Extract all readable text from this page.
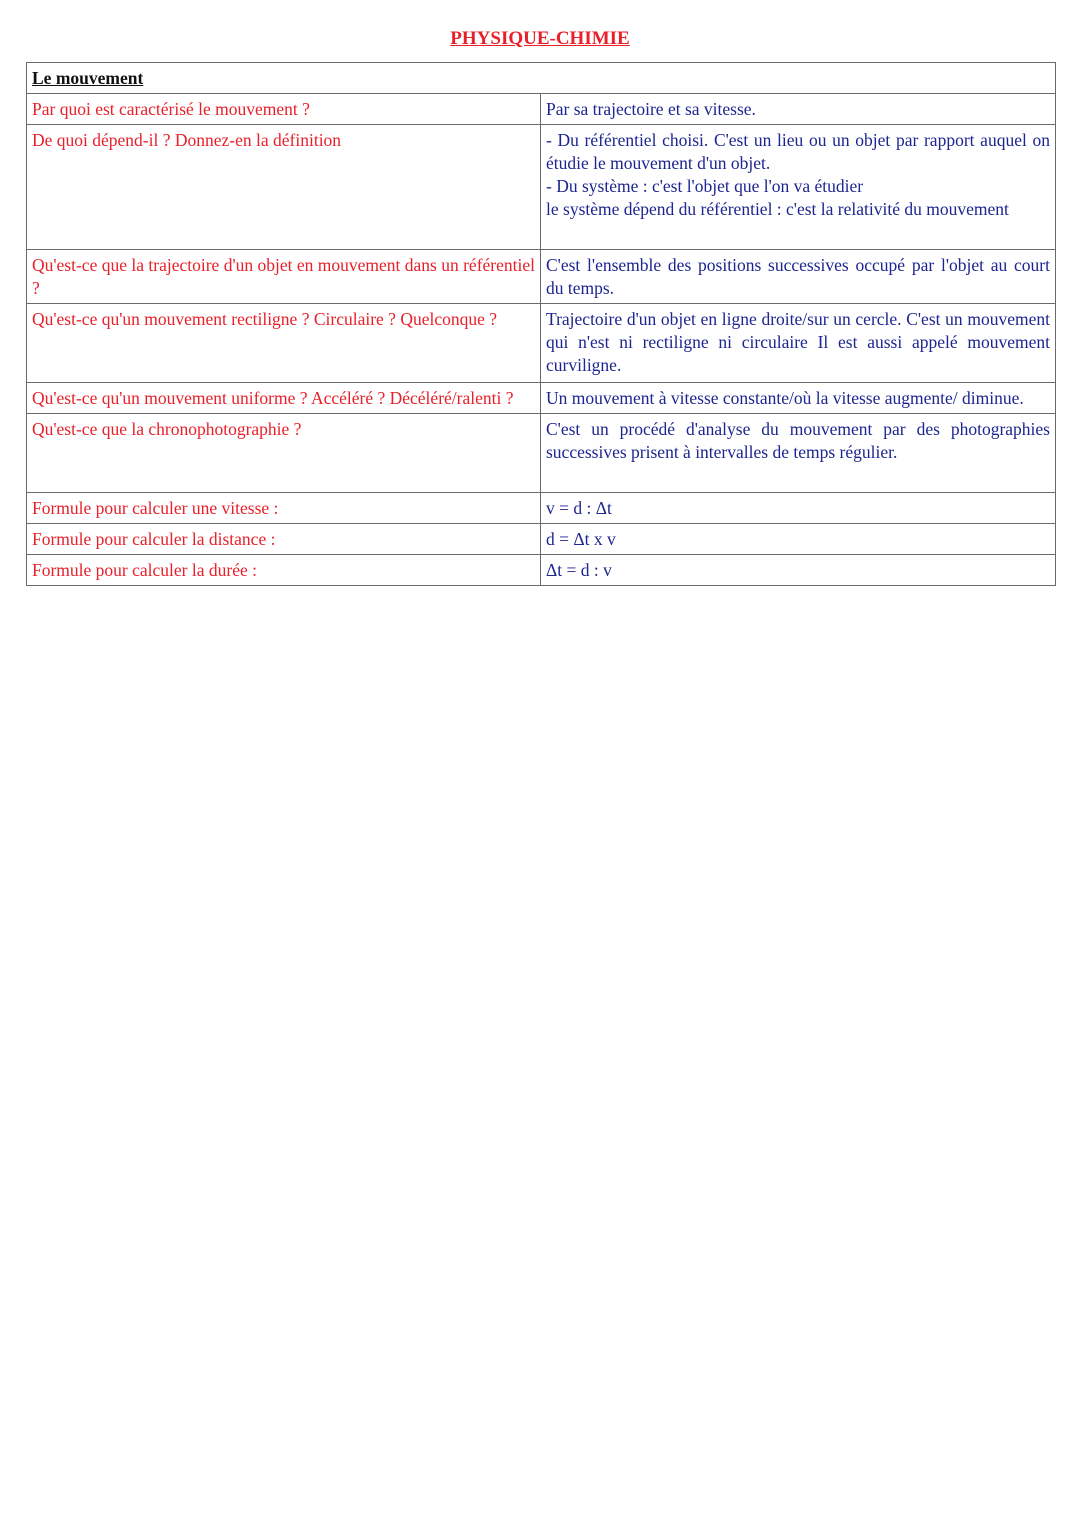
PHYSIQUE-CHIMIE
Le mouvement	
Par quoi est caractérisé le mouvement ?	Par sa trajectoire et sa vitesse.

De quoi dépend-il ? Donnez-en la définition	- Du référentiel choisi. C'est un lieu ou un objet par rapport auquel on étudie le mouvement d'un objet.
- Du système : c'est l'objet que l'on va étudier
le système dépend du référentiel : c'est la relativité du mouvement

Qu'est-ce que la trajectoire d'un objet en mouvement dans un référentiel ?	C'est l'ensemble des positions successives occupé par l'objet au court du temps.

Qu'est-ce qu'un mouvement rectiligne ? Circulaire ? Quelconque ?	Trajectoire d'un objet en ligne droite/sur un cercle. C'est un mouvement qui n'est ni rectiligne ni circulaire Il est aussi appelé mouvement curviligne.

Qu'est-ce qu'un mouvement uniforme ? Accéléré ? Décéléré/ralenti ?	Un mouvement à vitesse constante/où la vitesse augmente/ diminue.

Qu'est-ce que la chronophotographie ?	C'est un procédé d'analyse du mouvement par des photographies successives prisent à intervalles de temps régulier.

Formule pour calculer une vitesse :	v = d : Δt

Formule pour calculer la distance :	d = Δt x v

Formule pour calculer la durée :	Δt = d : v
